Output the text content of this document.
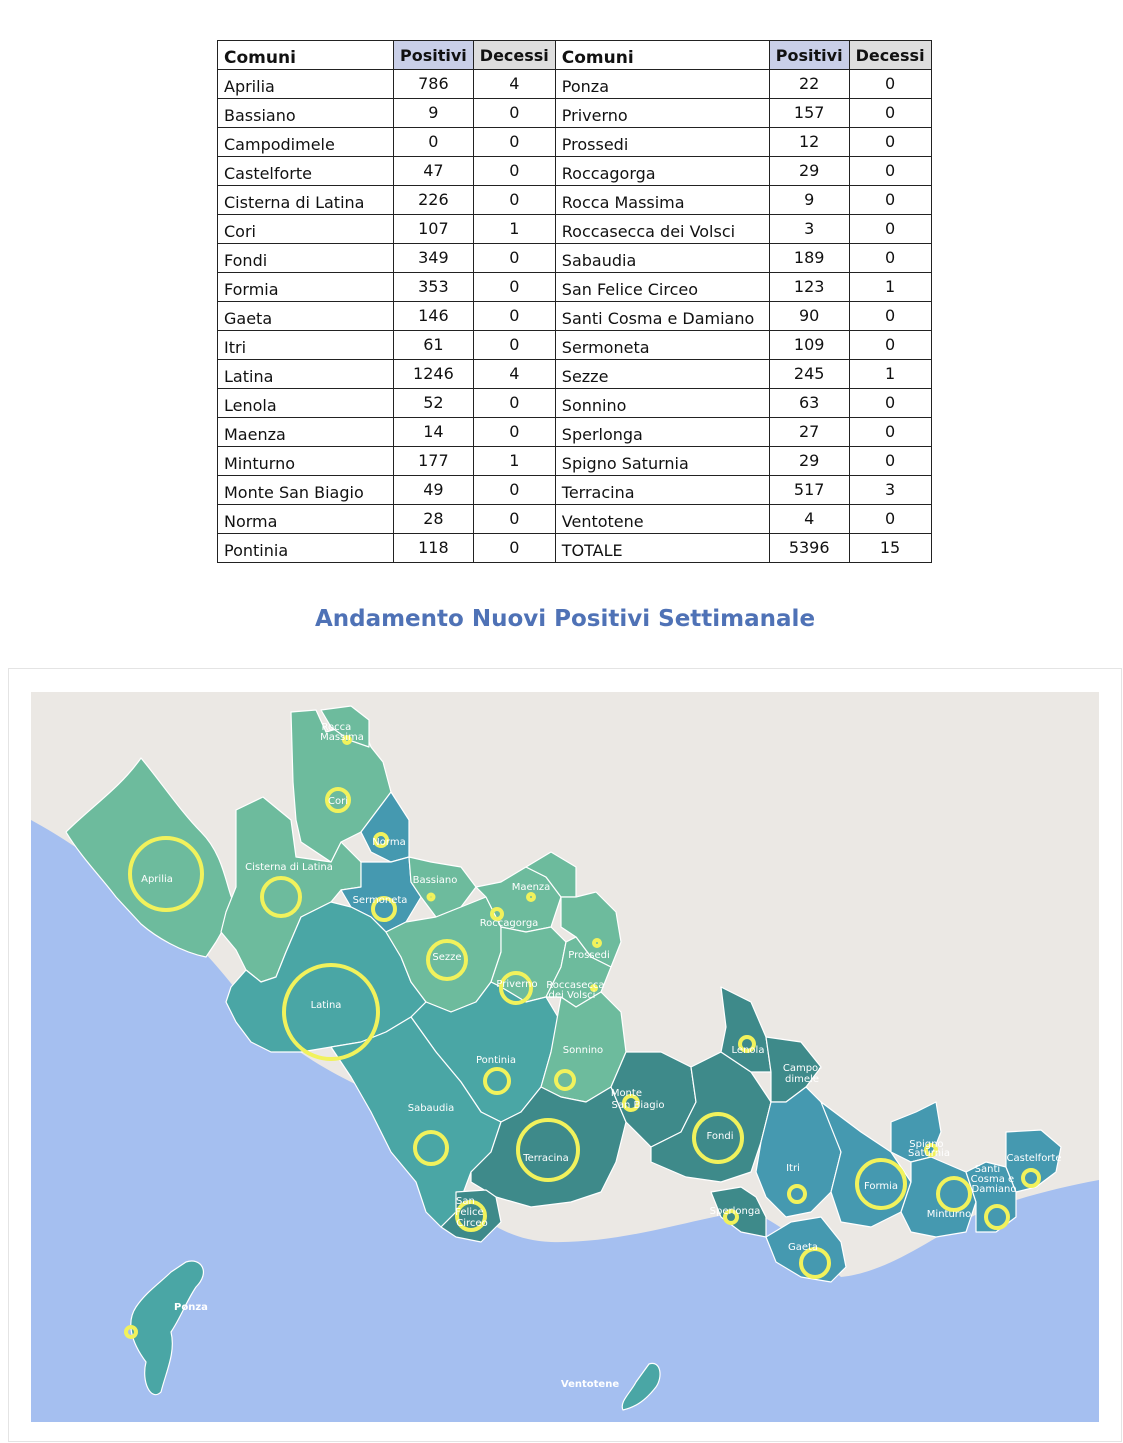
Comuni	Positivi	Decessi	Comuni	Positivi	Decessi
Aprilia	786	4	Ponza	22	0
Bassiano	9	0	Priverno	157	0
Campodimele	0	0	Prossedi	12	0
Castelforte	47	0	Roccagorga	29	0
Cisterna di Latina	226	0	Rocca Massima	9	0
Cori	107	1	Roccasecca dei Volsci	3	0
Fondi	349	0	Sabaudia	189	0
Formia	353	0	San Felice Circeo	123	1
Gaeta	146	0	Santi Cosma e Damiano	90	0
Itri	61	0	Sermoneta	109	0
Latina	1246	4	Sezze	245	1
Lenola	52	0	Sonnino	63	0
Maenza	14	0	Sperlonga	27	0
Minturno	177	1	Spigno Saturnia	29	0
Monte San Biagio	49	0	Terracina	517	3
Norma	28	0	Ventotene	4	0
Pontinia	118	0	TOTALE	5396	15
Andamento Nuovi Positivi Settimanale
Rocca Massima
Cori
Norma
Aprilia
Cisterna di Latina
Sermoneta
Bassiano
Maenza
Roccagorga
Prossedi
Sezze
Priverno Roccasecca dei Volsci
Latina
Sonnino
Pontinia
Lenola
Campo- dimele
Monte San Biagio
Sabaudia
Fondi
Terracina
Itri
Spigno Saturnia
Santi Cosma e Damiano
Castelforte
Formia
Minturno
San Felice Circeo
Sperlonga
Gaeta
Ponza
Ventotene
